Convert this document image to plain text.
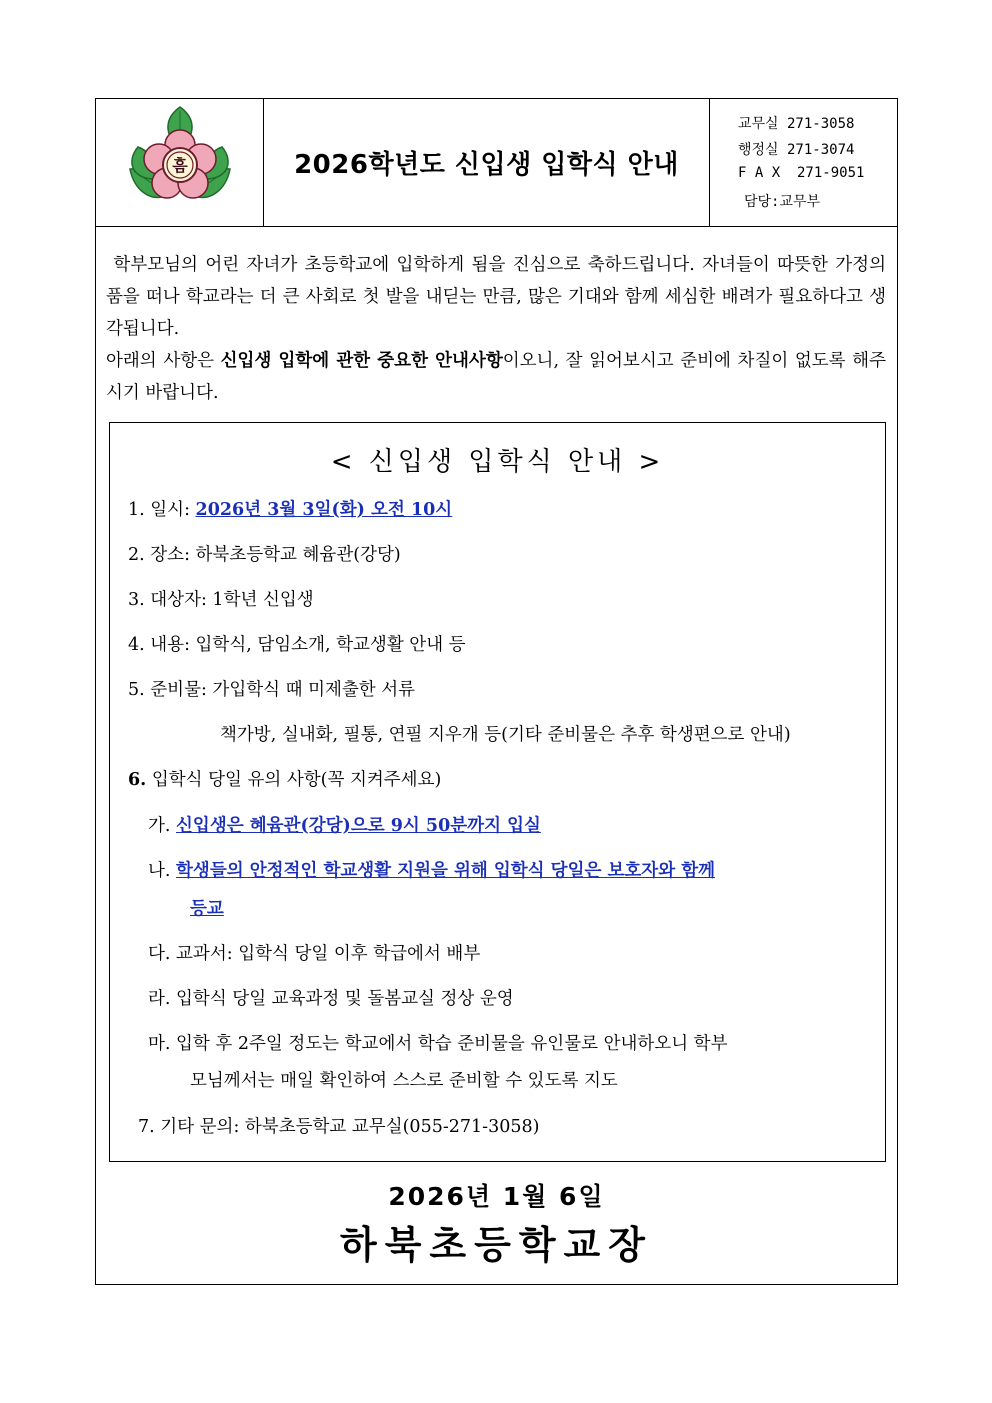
흠	2026학년도 신입생 입학식 안내
교무실 271-3058
행정실 271-3074
F A X  271-9051
담당:교무부

학부모님의 어린 자녀가 초등학교에 입학하게 됨을 진심으로 축하드립니다. 자녀들이 따뜻한 가정의 품을 떠나 학교라는 더 큰 사회로 첫 발을 내딛는 만큼, 많은 기대와 함께 세심한 배려가 필요하다고 생각됩니다.

아래의 사항은 신입생 입학에 관한 중요한 안내사항이오니, 잘 읽어보시고 준비에 차질이 없도록 해주시기 바랍니다.

< 신입생 입학식 안내 >
1. 일시: 2026년 3월 3일(화) 오전 10시
2. 장소: 하북초등학교 혜윰관(강당)
3. 대상자: 1학년 신입생
4. 내용: 입학식, 담임소개, 학교생활 안내 등
5. 준비물: 가입학식 때 미제출한 서류
책가방, 실내화, 필통, 연필 지우개 등(기타 준비물은 추후 학생편으로 안내)
6. 입학식 당일 유의 사항(꼭 지켜주세요)
가. 신입생은 혜윰관(강당)으로 9시 50분까지 입실
나. 학생들의 안정적인 학교생활 지원을 위해 입학식 당일은 보호자와 함께
등교
다. 교과서: 입학식 당일 이후 학급에서 배부
라. 입학식 당일 교육과정 및 돌봄교실 정상 운영
마. 입학 후 2주일 정도는 학교에서 학습 준비물을 유인물로 안내하오니 학부
모님께서는 매일 확인하여 스스로 준비할 수 있도록 지도
7. 기타 문의: 하북초등학교 교무실(055-271-3058)
2026년 1월 6일
하북초등학교장
